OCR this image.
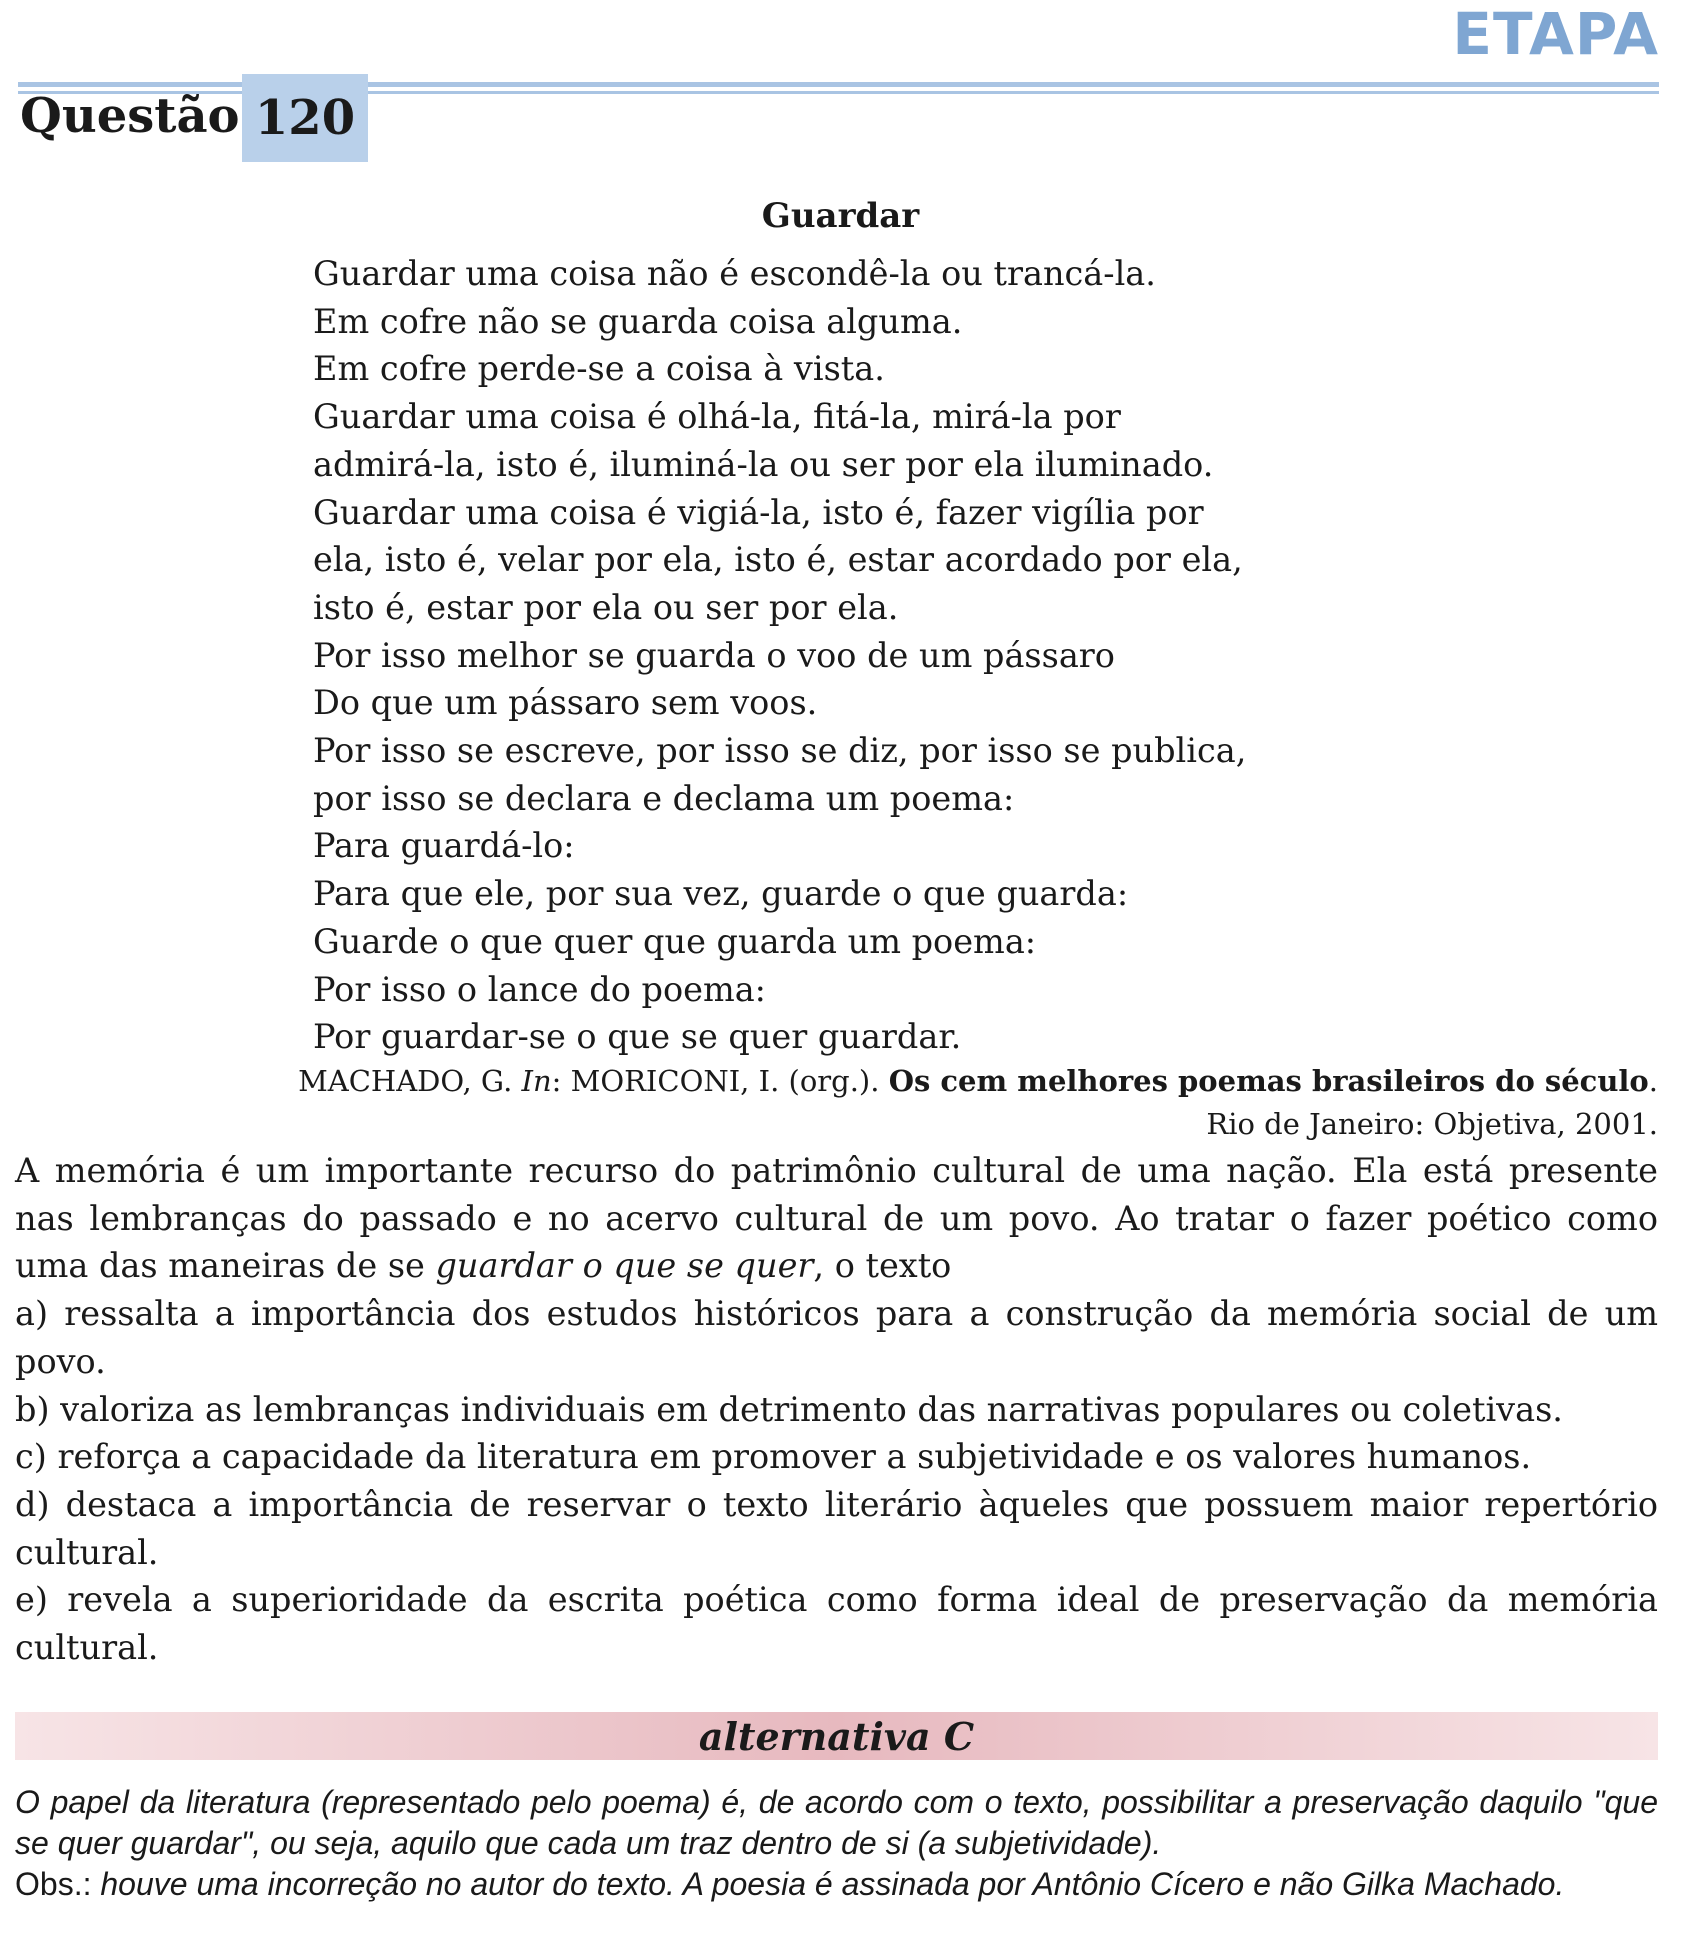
ETAPA
Questão 120
Guardar
Guardar uma coisa não é escondê-la ou trancá-la.
Em cofre não se guarda coisa alguma.
Em cofre perde-se a coisa à vista.
Guardar uma coisa é olhá-la, fitá-la, mirá-la por
admirá-la, isto é, iluminá-la ou ser por ela iluminado.
Guardar uma coisa é vigiá-la, isto é, fazer vigília por
ela, isto é, velar por ela, isto é, estar acordado por ela,
isto é, estar por ela ou ser por ela.
Por isso melhor se guarda o voo de um pássaro
Do que um pássaro sem voos.
Por isso se escreve, por isso se diz, por isso se publica,
por isso se declara e declama um poema:
Para guardá-lo:
Para que ele, por sua vez, guarde o que guarda:
Guarde o que quer que guarda um poema:
Por isso o lance do poema:
Por guardar-se o que se quer guardar.
MACHADO, G. In: MORICONI, I. (org.). Os cem melhores poemas brasileiros do século.
Rio de Janeiro: Objetiva, 2001.

A memória é um importante recurso do patrimônio cultural de uma nação. Ela está presente nas lembranças do passado e no acervo cultural de um povo. Ao tratar o fazer poético como uma das maneiras de se guardar o que se quer, o texto

a) ressalta a importância dos estudos históricos para a construção da memória social de um povo.

b) valoriza as lembranças individuais em detrimento das narrativas populares ou coletivas.

c) reforça a capacidade da literatura em promover a subjetividade e os valores humanos.

d) destaca a importância de reservar o texto literário àqueles que possuem maior repertório cultural.

e) revela a superioridade da escrita poética como forma ideal de preservação da memória cultural.

alternativa C

O papel da literatura (representado pelo poema) é, de acordo com o texto, possibilitar a preservação daquilo "que se quer guardar", ou seja, aquilo que cada um traz dentro de si (a subjetividade).

Obs.: houve uma incorreção no autor do texto. A poesia é assinada por Antônio Cícero e não Gilka Machado.
